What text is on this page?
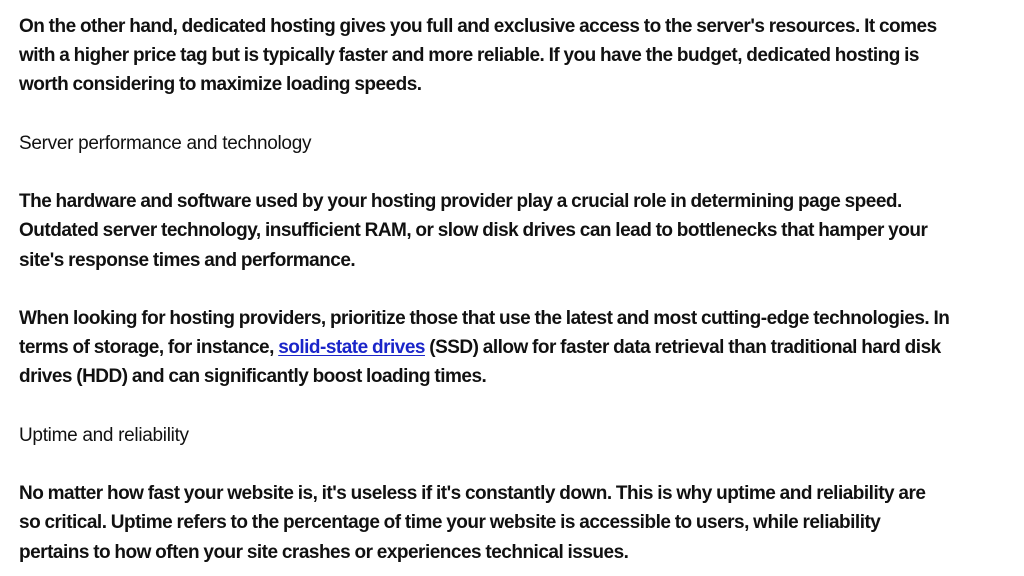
On the other hand, dedicated hosting gives you full and exclusive access to the server's resources. It comes
with a higher price tag but is typically faster and more reliable. If you have the budget, dedicated hosting is
worth considering to maximize loading speeds.

Server performance and technology

The hardware and software used by your hosting provider play a crucial role in determining page speed.
Outdated server technology, insufficient RAM, or slow disk drives can lead to bottlenecks that hamper your
site's response times and performance.

When looking for hosting providers, prioritize those that use the latest and most cutting-edge technologies. In
terms of storage, for instance, solid-state drives (SSD) allow for faster data retrieval than traditional hard disk
drives (HDD) and can significantly boost loading times.

Uptime and reliability

No matter how fast your website is, it's useless if it's constantly down. This is why uptime and reliability are
so critical. Uptime refers to the percentage of time your website is accessible to users, while reliability
pertains to how often your site crashes or experiences technical issues.
